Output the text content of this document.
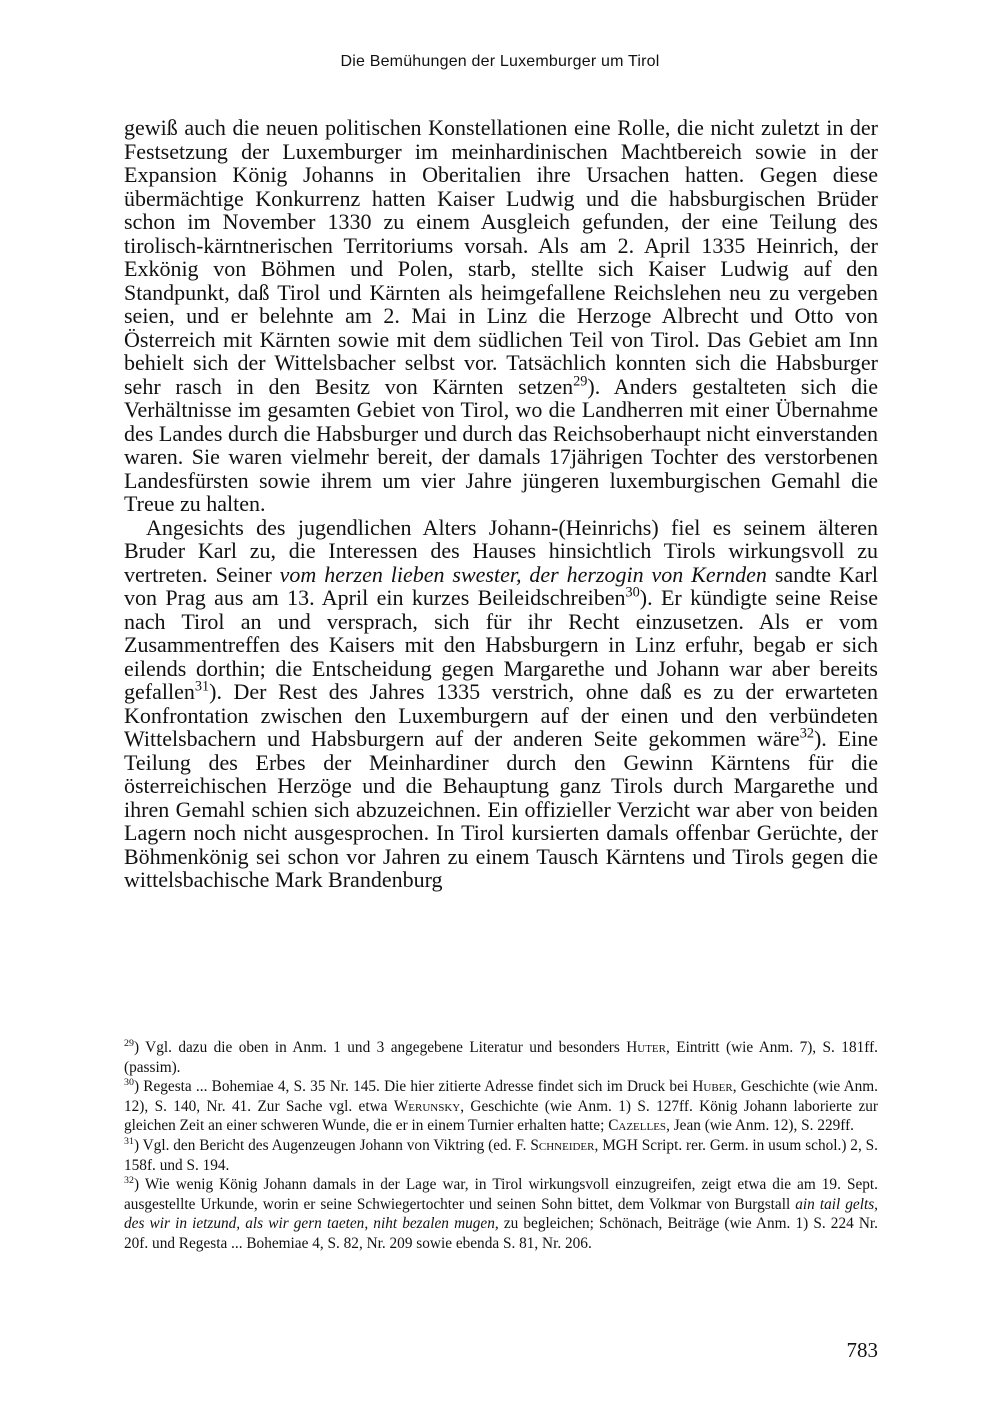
Die Bemühungen der Luxemburger um Tirol

gewiß auch die neuen politischen Konstellationen eine Rolle, die nicht zuletzt in der Festsetzung der Luxemburger im meinhardinischen Machtbereich sowie in der Expansion König Johanns in Oberitalien ihre Ursachen hatten. Gegen diese übermächtige Konkurrenz hatten Kaiser Ludwig und die habsburgischen Brüder schon im November 1330 zu einem Ausgleich gefunden, der eine Teilung des tirolisch-kärntnerischen Territoriums vorsah. Als am 2. April 1335 Heinrich, der Exkönig von Böhmen und Polen, starb, stellte sich Kaiser Ludwig auf den Standpunkt, daß Tirol und Kärnten als heimgefallene Reichslehen neu zu vergeben seien, und er belehnte am 2. Mai in Linz die Herzoge Albrecht und Otto von Österreich mit Kärnten sowie mit dem südlichen Teil von Tirol. Das Gebiet am Inn behielt sich der Wittelsbacher selbst vor. Tatsächlich konnten sich die Habsburger sehr rasch in den Besitz von Kärnten setzen$^{29}$). Anders gestalteten sich die Verhältnisse im gesamten Gebiet von Tirol, wo die Landherren mit einer Übernahme des Landes durch die Habsburger und durch das Reichsoberhaupt nicht einverstanden waren. Sie waren vielmehr bereit, der damals 17jährigen Tochter des verstorbenen Landesfürsten sowie ihrem um vier Jahre jüngeren luxemburgischen Gemahl die Treue zu halten.

Angesichts des jugendlichen Alters Johann-(Heinrichs) fiel es seinem älteren Bruder Karl zu, die Interessen des Hauses hinsichtlich Tirols wirkungsvoll zu vertreten. Seiner vom herzen lieben swester, der herzogin von Kernden sandte Karl von Prag aus am 13. April ein kurzes Beileidschreiben$^{30}$). Er kündigte seine Reise nach Tirol an und versprach, sich für ihr Recht einzusetzen. Als er vom Zusammentreffen des Kaisers mit den Habsburgern in Linz erfuhr, begab er sich eilends dorthin; die Entscheidung gegen Margarethe und Johann war aber bereits gefallen$^{31}$). Der Rest des Jahres 1335 verstrich, ohne daß es zu der erwarteten Konfrontation zwischen den Luxemburgern auf der einen und den verbündeten Wittelsbachern und Habsburgern auf der anderen Seite gekommen wäre$^{32}$). Eine Teilung des Erbes der Meinhardiner durch den Gewinn Kärntens für die österreichischen Herzöge und die Behauptung ganz Tirols durch Margarethe und ihren Gemahl schien sich abzuzeichnen. Ein offizieller Verzicht war aber von beiden Lagern noch nicht ausgesprochen. In Tirol kursierten damals offenbar Gerüchte, der Böhmenkönig sei schon vor Jahren zu einem Tausch Kärntens und Tirols gegen die wittelsbachische Mark Brandenburg

$^{29}$) Vgl. dazu die oben in Anm. 1 und 3 angegebene Literatur und besonders Huter, Eintritt (wie Anm. 7), S. 181ff. (passim).

$^{30}$) Regesta ... Bohemiae 4, S. 35 Nr. 145. Die hier zitierte Adresse findet sich im Druck bei Huber, Geschichte (wie Anm. 12), S. 140, Nr. 41. Zur Sache vgl. etwa Werunsky, Geschichte (wie Anm. 1) S. 127ff. König Johann laborierte zur gleichen Zeit an einer schweren Wunde, die er in einem Turnier erhalten hatte; Cazelles, Jean (wie Anm. 12), S. 229ff.

$^{31}$) Vgl. den Bericht des Augenzeugen Johann von Viktring (ed. F. Schneider, MGH Script. rer. Germ. in usum schol.) 2, S. 158f. und S. 194.

$^{32}$) Wie wenig König Johann damals in der Lage war, in Tirol wirkungsvoll einzugreifen, zeigt etwa die am 19. Sept. ausgestellte Urkunde, worin er seine Schwiegertochter und seinen Sohn bittet, dem Volkmar von Burgstall ain tail gelts, des wir in ietzund, als wir gern taeten, niht bezalen mugen, zu begleichen; Schönach, Beiträge (wie Anm. 1) S. 224 Nr. 20f. und Regesta ... Bohemiae 4, S. 82, Nr. 209 sowie ebenda S. 81, Nr. 206.

783
